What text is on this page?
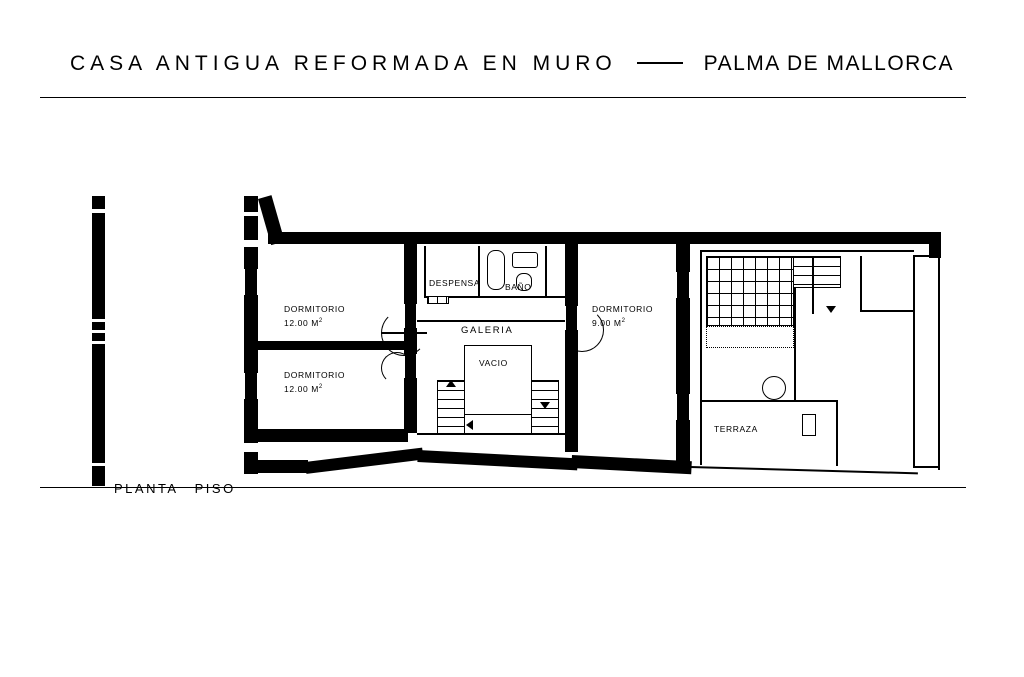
CASA ANTIGUA REFORMADA EN MURO	PALMA DE MALLORCA
PLANTA PISO
DORMITORIO
12.00 $M^2$
DORMITORIO
12.00 $M^2$
DORMITORIO
9.00 $M^2$
DESPENSA	BAÑO
GALERIA
VACIO
TERRAZA
